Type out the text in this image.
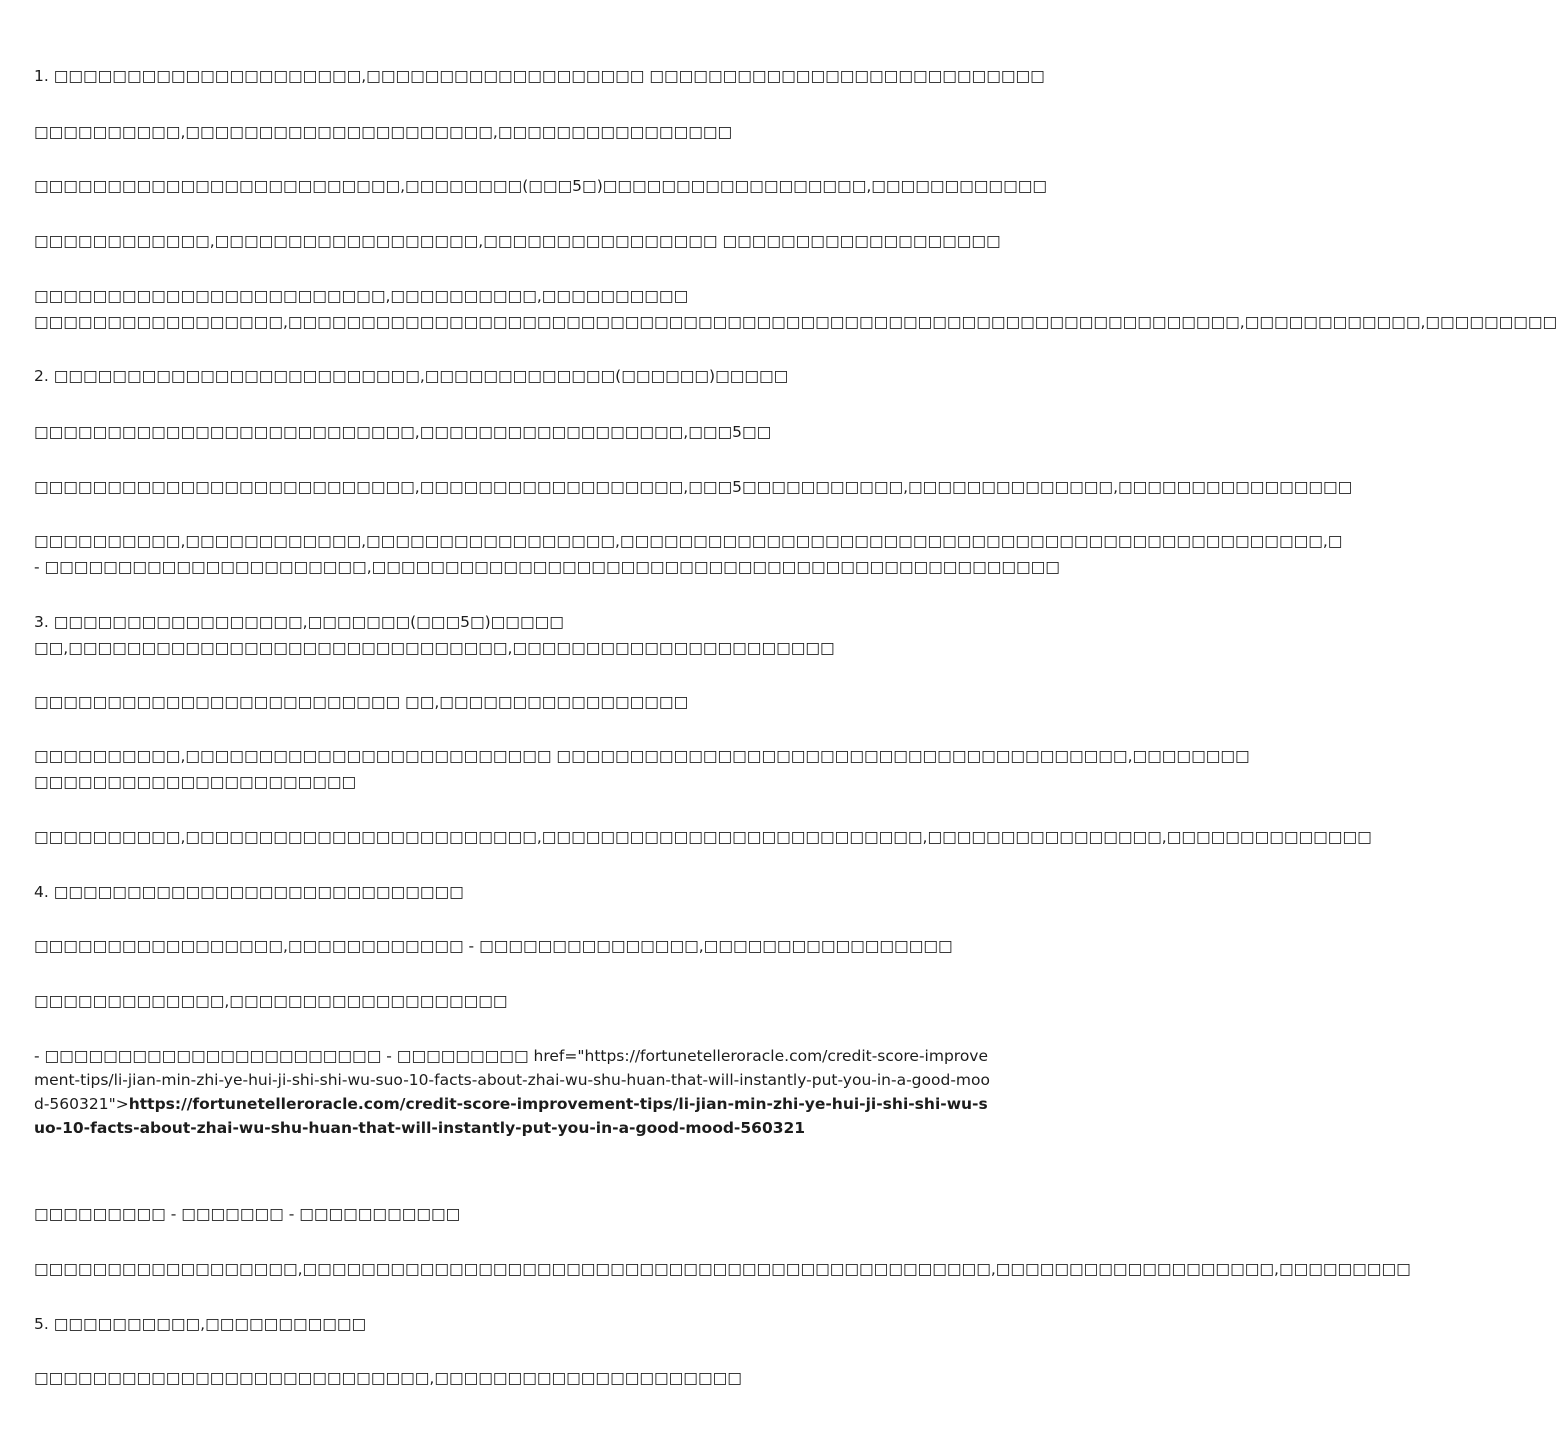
1. □□□□□□□□□□□□□□□□□□□□□,□□□□□□□□□□□□□□□□□□□ □□□□□□□□□□□□□□□□□□□□□□□□□□□
□□□□□□□□□□,□□□□□□□□□□□□□□□□□□□□□,□□□□□□□□□□□□□□□□
□□□□□□□□□□□□□□□□□□□□□□□□□,□□□□□□□□(□□□5□)□□□□□□□□□□□□□□□□□□,□□□□□□□□□□□□
□□□□□□□□□□□□,□□□□□□□□□□□□□□□□□□,□□□□□□□□□□□□□□□□ □□□□□□□□□□□□□□□□□□□
□□□□□□□□□□□□□□□□□□□□□□□□,□□□□□□□□□□,□□□□□□□□□□
□□□□□□□□□□□□□□□□□,□□□□□□□□□□□□□□□□□□□□□□□□□□□□□□□□□□□□□□□□□□□□□□□□□□□□□□□□□□□□□□□□□,□□□□□□□□□□□□,□□□□□□□□□
2. □□□□□□□□□□□□□□□□□□□□□□□□□,□□□□□□□□□□□□□(□□□□□□)□□□□□
□□□□□□□□□□□□□□□□□□□□□□□□□□,□□□□□□□□□□□□□□□□□□,□□□5□□
□□□□□□□□□□□□□□□□□□□□□□□□□□,□□□□□□□□□□□□□□□□□□,□□□5□□□□□□□□□□□,□□□□□□□□□□□□□□,□□□□□□□□□□□□□□□□
□□□□□□□□□□,□□□□□□□□□□□□,□□□□□□□□□□□□□□□□□,□□□□□□□□□□□□□□□□□□□□□□□□□□□□□□□□□□□□□□□□□□□□□□□□,□
- □□□□□□□□□□□□□□□□□□□□□□,□□□□□□□□□□□□□□□□□□□□□□□□□□□□□□□□□□□□□□□□□□□□□□□
3. □□□□□□□□□□□□□□□□□,□□□□□□□(□□□5□)□□□□□
□□,□□□□□□□□□□□□□□□□□□□□□□□□□□□□□□,□□□□□□□□□□□□□□□□□□□□□□
□□□□□□□□□□□□□□□□□□□□□□□□□ □□,□□□□□□□□□□□□□□□□□
□□□□□□□□□□,□□□□□□□□□□□□□□□□□□□□□□□□□ □□□□□□□□□□□□□□□□□□□□□□□□□□□□□□□□□□□□□□□,□□□□□□□□
□□□□□□□□□□□□□□□□□□□□□□
□□□□□□□□□□,□□□□□□□□□□□□□□□□□□□□□□□□,□□□□□□□□□□□□□□□□□□□□□□□□□□,□□□□□□□□□□□□□□□□,□□□□□□□□□□□□□□
4. □□□□□□□□□□□□□□□□□□□□□□□□□□□□
□□□□□□□□□□□□□□□□□,□□□□□□□□□□□□ - □□□□□□□□□□□□□□□,□□□□□□□□□□□□□□□□□
□□□□□□□□□□□□□,□□□□□□□□□□□□□□□□□□□
- □□□□□□□□□□□□□□□□□□□□□□□ - □□□□□□□□□ href="https://fortunetelleroracle.com/credit-score-improvement-tips/li-jian-min-zhi-ye-hui-ji-shi-shi-wu-suo-10-facts-about-zhai-wu-shu-huan-that-will-instantly-put-you-in-a-good-mood-560321">https://fortunetelleroracle.com/credit-score-improvement-tips/li-jian-min-zhi-ye-hui-ji-shi-shi-wu-suo-10-facts-about-zhai-wu-shu-huan-that-will-instantly-put-you-in-a-good-mood-560321
□□□□□□□□□ - □□□□□□□ - □□□□□□□□□□□
□□□□□□□□□□□□□□□□□□,□□□□□□□□□□□□□□□□□□□□□□□□□□□□□□□□□□□□□□□□□□□□□□□,□□□□□□□□□□□□□□□□□□□,□□□□□□□□□
5. □□□□□□□□□□,□□□□□□□□□□□
□□□□□□□□□□□□□□□□□□□□□□□□□□□,□□□□□□□□□□□□□□□□□□□□□
